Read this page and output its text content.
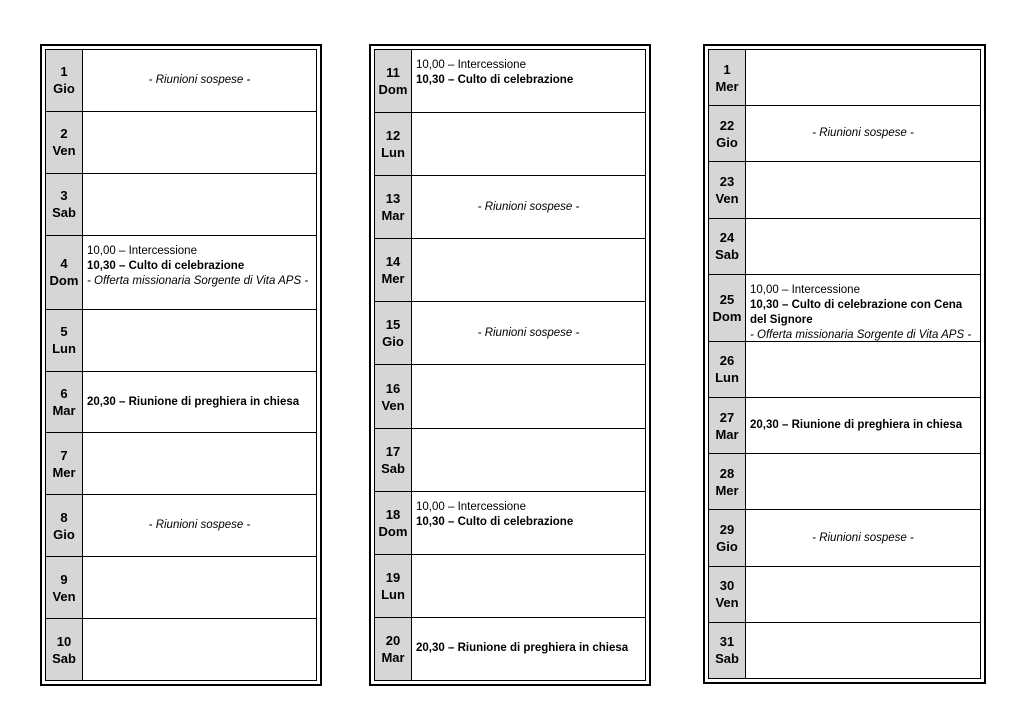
1
Gio
- Riunioni sospese -
2
Ven
3
Sab
4
Dom
10,00 – Intercessione
10,30 – Culto di celebrazione
- Offerta missionaria Sorgente di Vita APS -
5
Lun
6
Mar
20,30 – Riunione di preghiera in chiesa
7
Mer
8
Gio
- Riunioni sospese -
9
Ven
10
Sab
11
Dom
10,00 – Intercessione
10,30 – Culto di celebrazione
12
Lun
13
Mar
- Riunioni sospese -
14
Mer
15
Gio
- Riunioni sospese -
16
Ven
17
Sab
18
Dom
10,00 – Intercessione
10,30 – Culto di celebrazione
19
Lun
20
Mar
20,30 – Riunione di preghiera in chiesa
1
Mer
22
Gio
- Riunioni sospese -
23
Ven
24
Sab
25
Dom
10,00 – Intercessione
10,30 – Culto di celebrazione con Cena del Signore
- Offerta missionaria Sorgente di Vita APS -
26
Lun
27
Mar
20,30 – Riunione di preghiera in chiesa
28
Mer
29
Gio
- Riunioni sospese -
30
Ven
31
Sab
